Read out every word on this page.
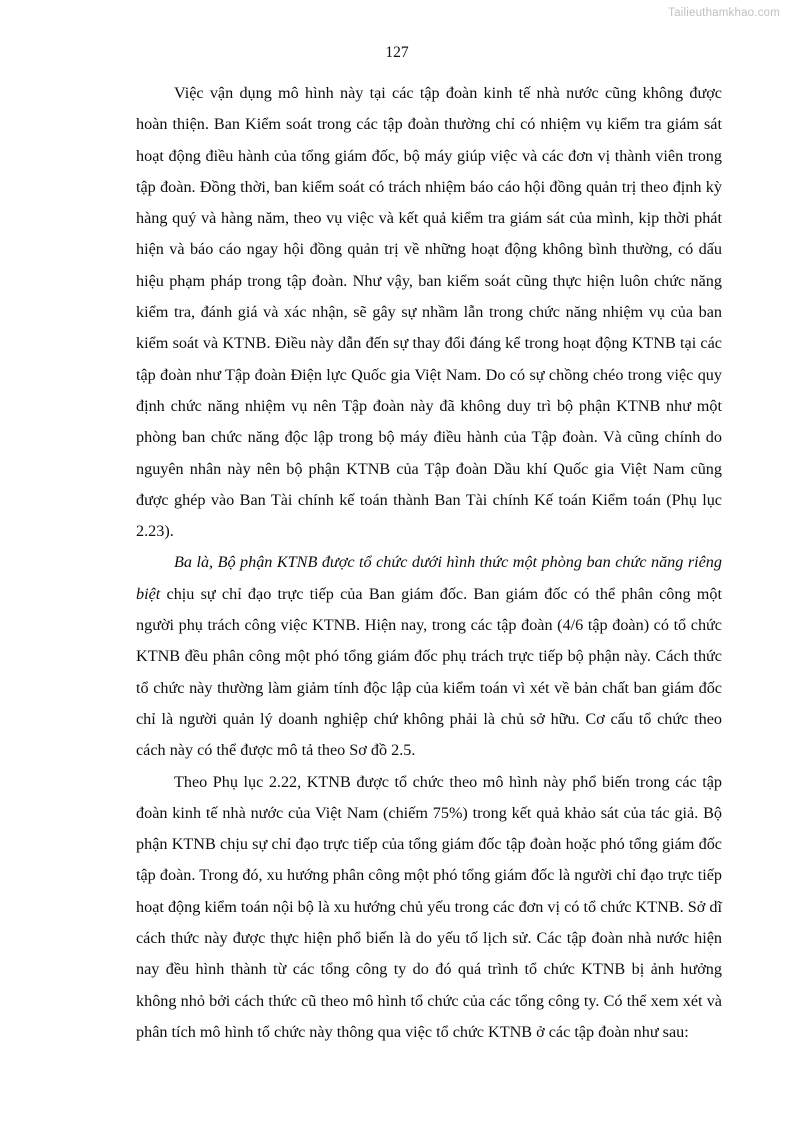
Tailieuthamkhao.com
127

Việc vận dụng mô hình này tại các tập đoàn kinh tế nhà nước cũng không được hoàn thiện. Ban Kiểm soát trong các tập đoàn thường chỉ có nhiệm vụ kiểm tra giám sát hoạt động điều hành của tổng giám đốc, bộ máy giúp việc và các đơn vị thành viên trong tập đoàn. Đồng thời, ban kiểm soát có trách nhiệm báo cáo hội đồng quản trị theo định kỳ hàng quý và hàng năm, theo vụ việc và kết quả kiểm tra giám sát của mình, kịp thời phát hiện và báo cáo ngay hội đồng quản trị về những hoạt động không bình thường, có dấu hiệu phạm pháp trong tập đoàn. Như vậy, ban kiểm soát cũng thực hiện luôn chức năng kiểm tra, đánh giá và xác nhận, sẽ gây sự nhầm lẫn trong chức năng nhiệm vụ của ban kiểm soát và KTNB. Điều này dẫn đến sự thay đổi đáng kể trong hoạt động KTNB tại các tập đoàn như Tập đoàn Điện lực Quốc gia Việt Nam. Do có sự chồng chéo trong việc quy định chức năng nhiệm vụ nên Tập đoàn này đã không duy trì bộ phận KTNB như một phòng ban chức năng độc lập trong bộ máy điều hành của Tập đoàn. Và cũng chính do nguyên nhân này nên bộ phận KTNB của Tập đoàn Dầu khí Quốc gia Việt Nam cũng được ghép vào Ban Tài chính kế toán thành Ban Tài chính Kế toán Kiểm toán (Phụ lục 2.23).

Ba là, Bộ phận KTNB được tổ chức dưới hình thức một phòng ban chức năng riêng biệt chịu sự chỉ đạo trực tiếp của Ban giám đốc. Ban giám đốc có thể phân công một người phụ trách công việc KTNB. Hiện nay, trong các tập đoàn (4/6 tập đoàn) có tổ chức KTNB đều phân công một phó tổng giám đốc phụ trách trực tiếp bộ phận này. Cách thức tổ chức này thường làm giảm tính độc lập của kiểm toán vì xét về bản chất ban giám đốc chỉ là người quản lý doanh nghiệp chứ không phải là chủ sở hữu. Cơ cấu tổ chức theo cách này có thể được mô tả theo Sơ đồ 2.5.

Theo Phụ lục 2.22, KTNB được tổ chức theo mô hình này phổ biến trong các tập đoàn kinh tế nhà nước của Việt Nam (chiếm 75%) trong kết quả khảo sát của tác giả. Bộ phận KTNB chịu sự chỉ đạo trực tiếp của tổng giám đốc tập đoàn hoặc phó tổng giám đốc tập đoàn. Trong đó, xu hướng phân công một phó tổng giám đốc là người chỉ đạo trực tiếp hoạt động kiểm toán nội bộ là xu hướng chủ yếu trong các đơn vị có tổ chức KTNB. Sở dĩ cách thức này được thực hiện phổ biến là do yếu tố lịch sử. Các tập đoàn nhà nước hiện nay đều hình thành từ các tổng công ty do đó quá trình tổ chức KTNB bị ảnh hưởng không nhỏ bởi cách thức cũ theo mô hình tổ chức của các tổng công ty. Có thể xem xét và phân tích mô hình tổ chức này thông qua việc tổ chức KTNB ở các tập đoàn như sau:
